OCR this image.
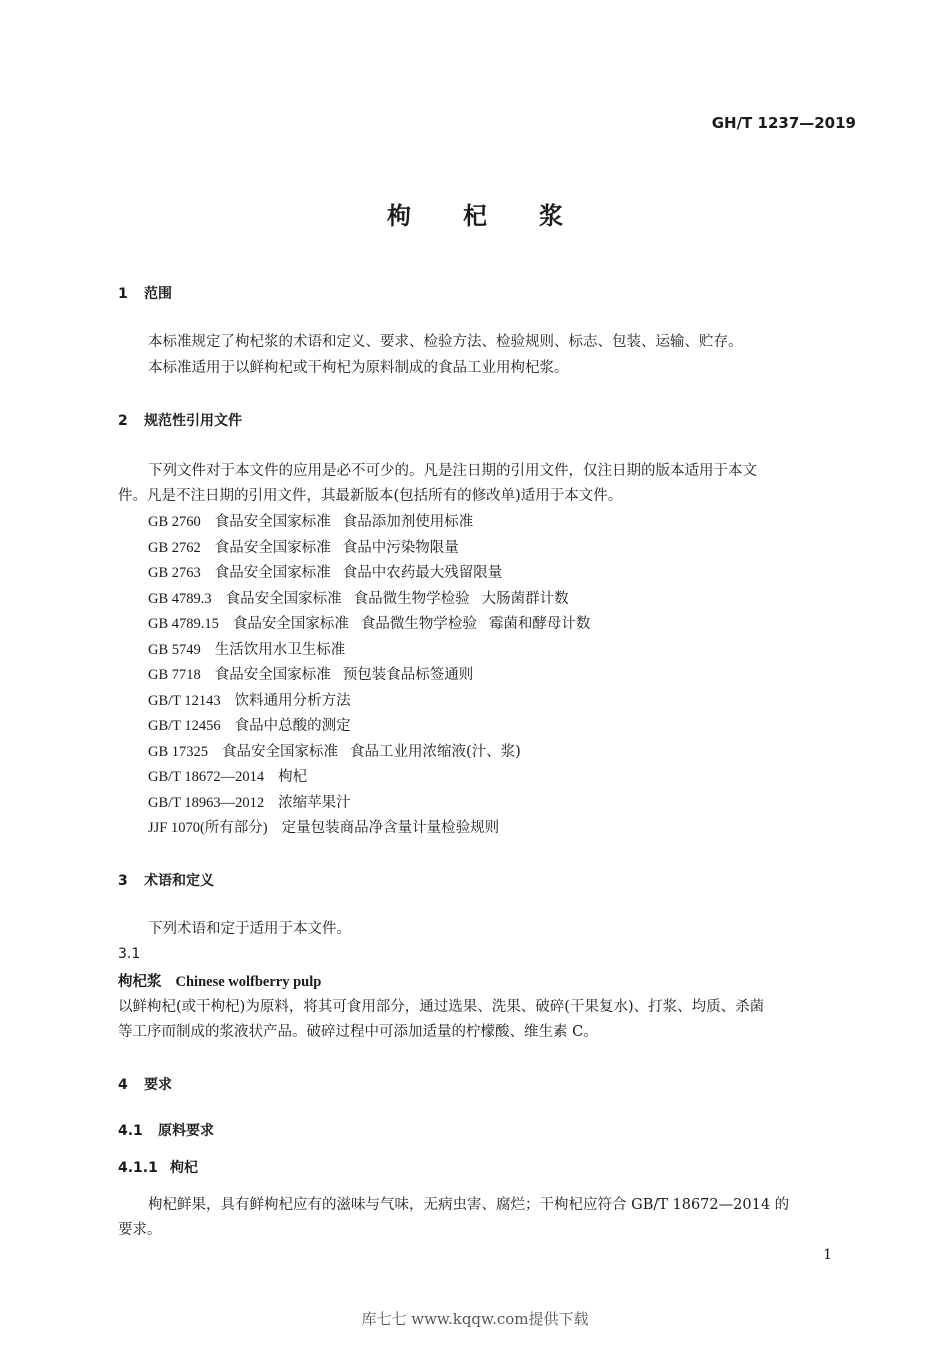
GH/T 1237—2019
枸杞浆
1 范围
本标准规定了枸杞浆的术语和定义、要求、检验方法、检验规则、标志、包装、运输、贮存。
本标准适用于以鲜枸杞或干枸杞为原料制成的食品工业用枸杞浆。
2 规范性引用文件
下列文件对于本文件的应用是必不可少的。凡是注日期的引用文件，仅注日期的版本适用于本文
件。凡是不注日期的引用文件，其最新版本(包括所有的修改单)适用于本文件。
GB 2760 食品安全国家标准 食品添加剂使用标准
GB 2762 食品安全国家标准 食品中污染物限量
GB 2763 食品安全国家标准 食品中农药最大残留限量
GB 4789.3 食品安全国家标准 食品微生物学检验 大肠菌群计数
GB 4789.15 食品安全国家标准 食品微生物学检验 霉菌和酵母计数
GB 5749 生活饮用水卫生标准
GB 7718 食品安全国家标准 预包装食品标签通则
GB/T 12143 饮料通用分析方法
GB/T 12456 食品中总酸的测定
GB 17325 食品安全国家标准 食品工业用浓缩液(汁、浆)
GB/T 18672—2014 枸杞
GB/T 18963—2012 浓缩苹果汁
JJF 1070(所有部分) 定量包装商品净含量计量检验规则
3 术语和定义
下列术语和定于适用于本文件。
3.1
枸杞浆 Chinese wolfberry pulp
以鲜枸杞(或干枸杞)为原料，将其可食用部分，通过选果、洗果、破碎(干果复水)、打浆、均质、杀菌
等工序而制成的浆液状产品。破碎过程中可添加适量的柠檬酸、维生素 C。
4 要求
4.1 原料要求
4.1.1 枸杞
枸杞鲜果，具有鲜枸杞应有的滋味与气味，无病虫害、腐烂；干枸杞应符合 GB/T 18672—2014 的
要求。
1
库七七 www.kqqw.com提供下载
